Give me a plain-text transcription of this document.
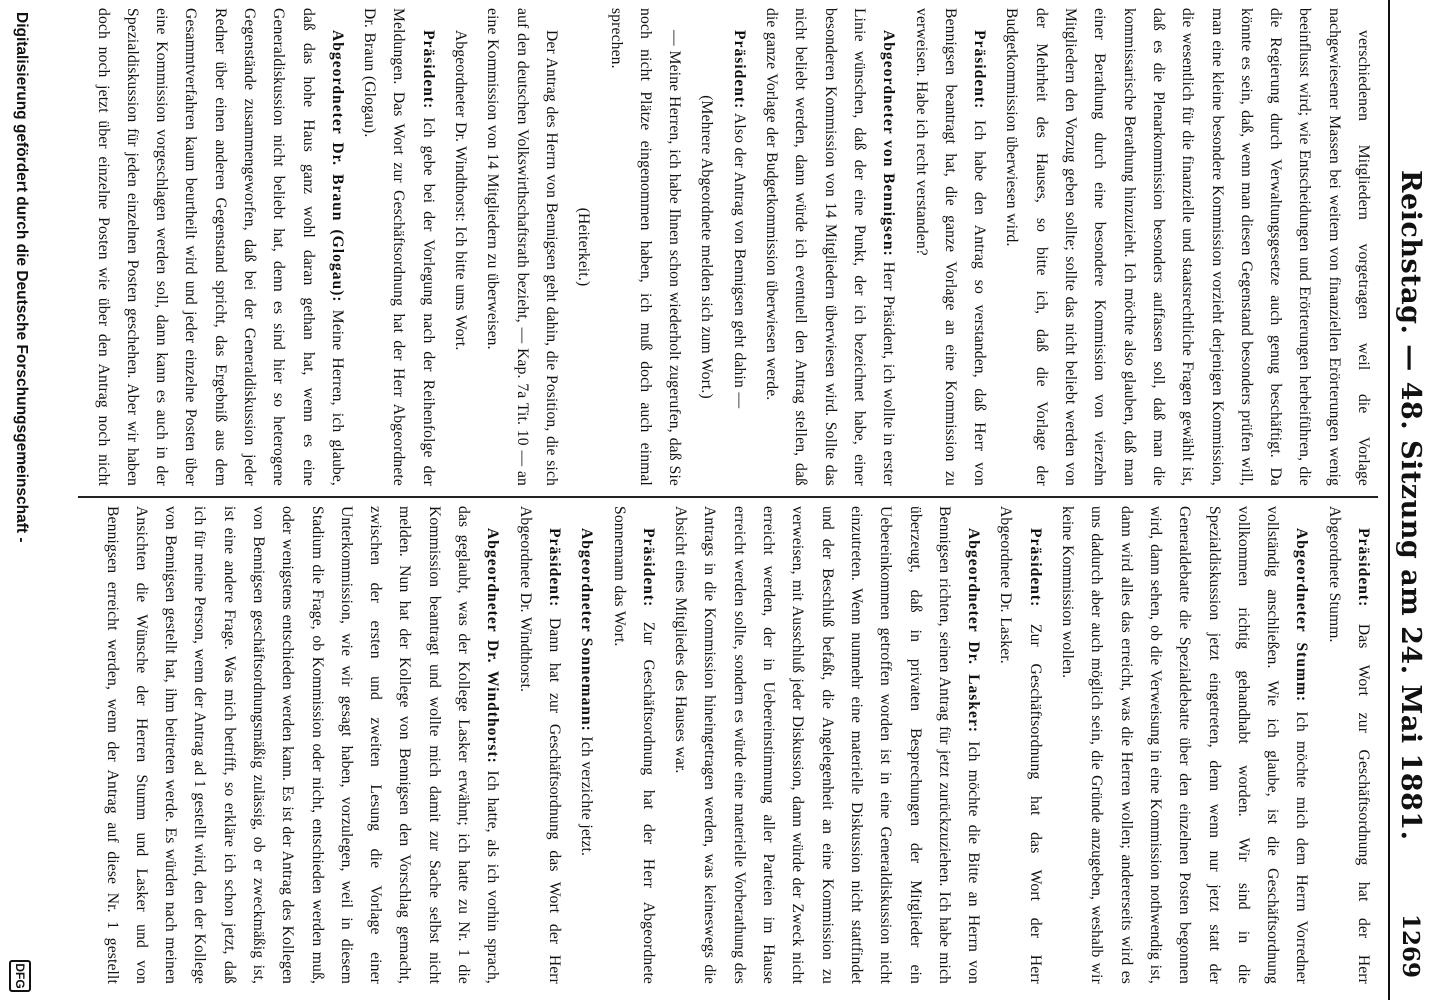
Reichstag. — 48. Sitzung am 24. Mai 1881.
1269

verschiedenen Mitgliedern vorgetragen weil die Vorlage nachgewiesener Massen bei weitem von finanziellen Erörterungen wenig beeinflusst wird; wie Entscheidungen und Erörterungen herbeiführen, die die Regierung durch Verwaltungsgesetze auch genug beschäftigt. Da könnte es sein, daß, wenn man diesen Gegenstand besonders prüfen will, man eine kleine besondere Kommission vorzieht derjenigen Kommission, die wesentlich für die finanzielle und staatsrechtliche Fragen gewählt ist, daß es die Plenarkommission besonders auffassen soll, daß man die kommissarische Berathung hinzuzieht. Ich möchte also glauben, daß man einer Berathung durch eine besondere Kommission von vierzehn Mitgliedern den Vorzug geben sollte; sollte das nicht beliebt werden von der Mehrheit des Hauses, so bitte ich, daß die Vorlage der Budgetkommission überwiesen wird.

Präsident: Ich habe den Antrag so verstanden, daß Herr von Bennigsen beantragt hat, die ganze Vorlage an eine Kommission zu verweisen. Habe ich recht verstanden?

Abgeordneter von Bennigsen: Herr Präsident, ich wollte in erster Linie wünschen, daß der eine Punkt, der ich bezeichnet habe, einer besonderen Kommission von 14 Mitgliedern überwiesen wird. Sollte das nicht beliebt werden, dann würde ich eventuell den Antrag stellen, daß die ganze Vorlage der Budgetkommission überwiesen werde.

Präsident: Also der Antrag von Bennigsen geht dahin —

(Mehrere Abgeordnete melden sich zum Wort.)

— Meine Herren, ich habe Ihnen schon wiederholt zugerufen, daß Sie noch nicht Plätze eingenommen haben, ich muß doch auch einmal sprechen.

(Heiterkeit.)

Der Antrag des Herrn von Bennigsen geht dahin, die Position, die sich auf den deutschen Volkswirthschaftsrath bezieht, — Kap. 7a Tit. 10 — an eine Kommission von 14 Mitgliedern zu überweisen.

Abgeordneter Dr. Windthorst: Ich bitte ums Wort.

Präsident: Ich gebe bei der Vorlegung nach der Reihenfolge der Meldungen. Das Wort zur Geschäftsordnung hat der Herr Abgeordnete Dr. Braun (Glogau).

Abgeordneter Dr. Braun (Glogau): Meine Herren, ich glaube, daß das hohe Haus ganz wohl daran gethan hat, wenn es eine Generaldiskussion nicht beliebt hat, denn es sind hier so heterogene Gegenstände zusammengeworfen, daß bei der Generaldiskussion jeder Redner über einen anderen Gegenstand spricht, das Ergebniß aus dem Gesammtverfahren kaum beurtheilt wird und jeder einzelne Posten über eine Kommission vorgeschlagen werden soll, dann kann es auch in der Spezialdiskussion für jeden einzelnen Posten geschehen. Aber wir haben doch noch jetzt über einzelne Posten wie über den Antrag noch nicht

Präsident: Das Wort zur Geschäftsordnung hat der Herr Abgeordnete Stumm.

Abgeordneter Stumm: Ich möchte mich dem Herrn Vorredner vollständig anschließen. Wie ich glaube, ist die Geschäftsordnung vollkommen richtig gehandhabt worden. Wir sind in die Spezialdiskussion jetzt eingetreten, denn wenn nur jetzt statt der Generaldebatte die Spezialdebatte über den einzelnen Posten begonnen wird, dann sehen, ob die Verweisung in eine Kommission nothwendig ist, dann wird alles das erreicht, was die Herren wollen; andererseits wird es uns dadurch aber auch möglich sein, die Gründe anzugeben, weshalb wir keine Kommission wollen.

Präsident: Zur Geschäftsordnung hat das Wort der Herr Abgeordnete Dr. Lasker.

Abgeordneter Dr. Lasker: Ich möchte die Bitte an Herrn von Bennigsen richten, seinen Antrag für jetzt zurückzuziehen. Ich habe mich überzeugt, daß in privaten Besprechungen der Mitglieder ein Uebereinkommen getroffen worden ist in eine Generaldiskussion nicht einzutreten. Wenn nunmehr eine materielle Diskussion nicht stattfindet und der Beschluß befaßt, die Angelegenheit an eine Kommission zu verweisen, mit Ausschluß jeder Diskussion, dann würde der Zweck nicht erreicht werden, der in Uebereinstimmung aller Parteien im Hause erreicht werden sollte, sondern es würde eine materielle Vorberathung des Antrags in die Kommission hineingetragen werden, was keineswegs die Absicht eines Mitgliedes des Hauses war.

Präsident: Zur Geschäftsordnung hat der Herr Abgeordnete Sonnemann das Wort.

Abgeordneter Sonnemann: Ich verzichte jetzt.

Präsident: Dann hat zur Geschäftsordnung das Wort der Herr Abgeordnete Dr. Windthorst.

Abgeordneter Dr. Windthorst: Ich hatte, als ich vorhin sprach, das geglaubt, was der Kollege Lasker erwähnt; ich hatte zu Nr. 1 die Kommission beantragt und wollte mich damit zur Sache selbst nicht melden. Nun hat der Kollege von Bennigsen den Vorschlag gemacht, zwischen der ersten und zweiten Lesung die Vorlage einer Unterkommission, wie wir gesagt haben, vorzulegen, weil in diesem Stadium die Frage, ob Kommission oder nicht, entschieden werden muß, oder wenigstens entschieden werden kann. Es ist der Antrag des Kollegen von Bennigsen geschäftsordnungsmäßig zulässig, ob er zweckmäßig ist, ist eine andere Frage. Was mich betrifft, so erkläre ich schon jetzt, daß ich für meine Person, wenn der Antrag ad 1 gestellt wird, den der Kollege von Bennigsen gestellt hat, ihm beitreten werde. Es würden nach meinen Ansichten die Wünsche der Herren Stumm und Lasker und von Bennigsen erreicht werden, wenn der Antrag auf diese Nr. 1 gestellt

Digitalisierung gefördert durch die Deutsche Forschungsgemeinschaft -
DFG
